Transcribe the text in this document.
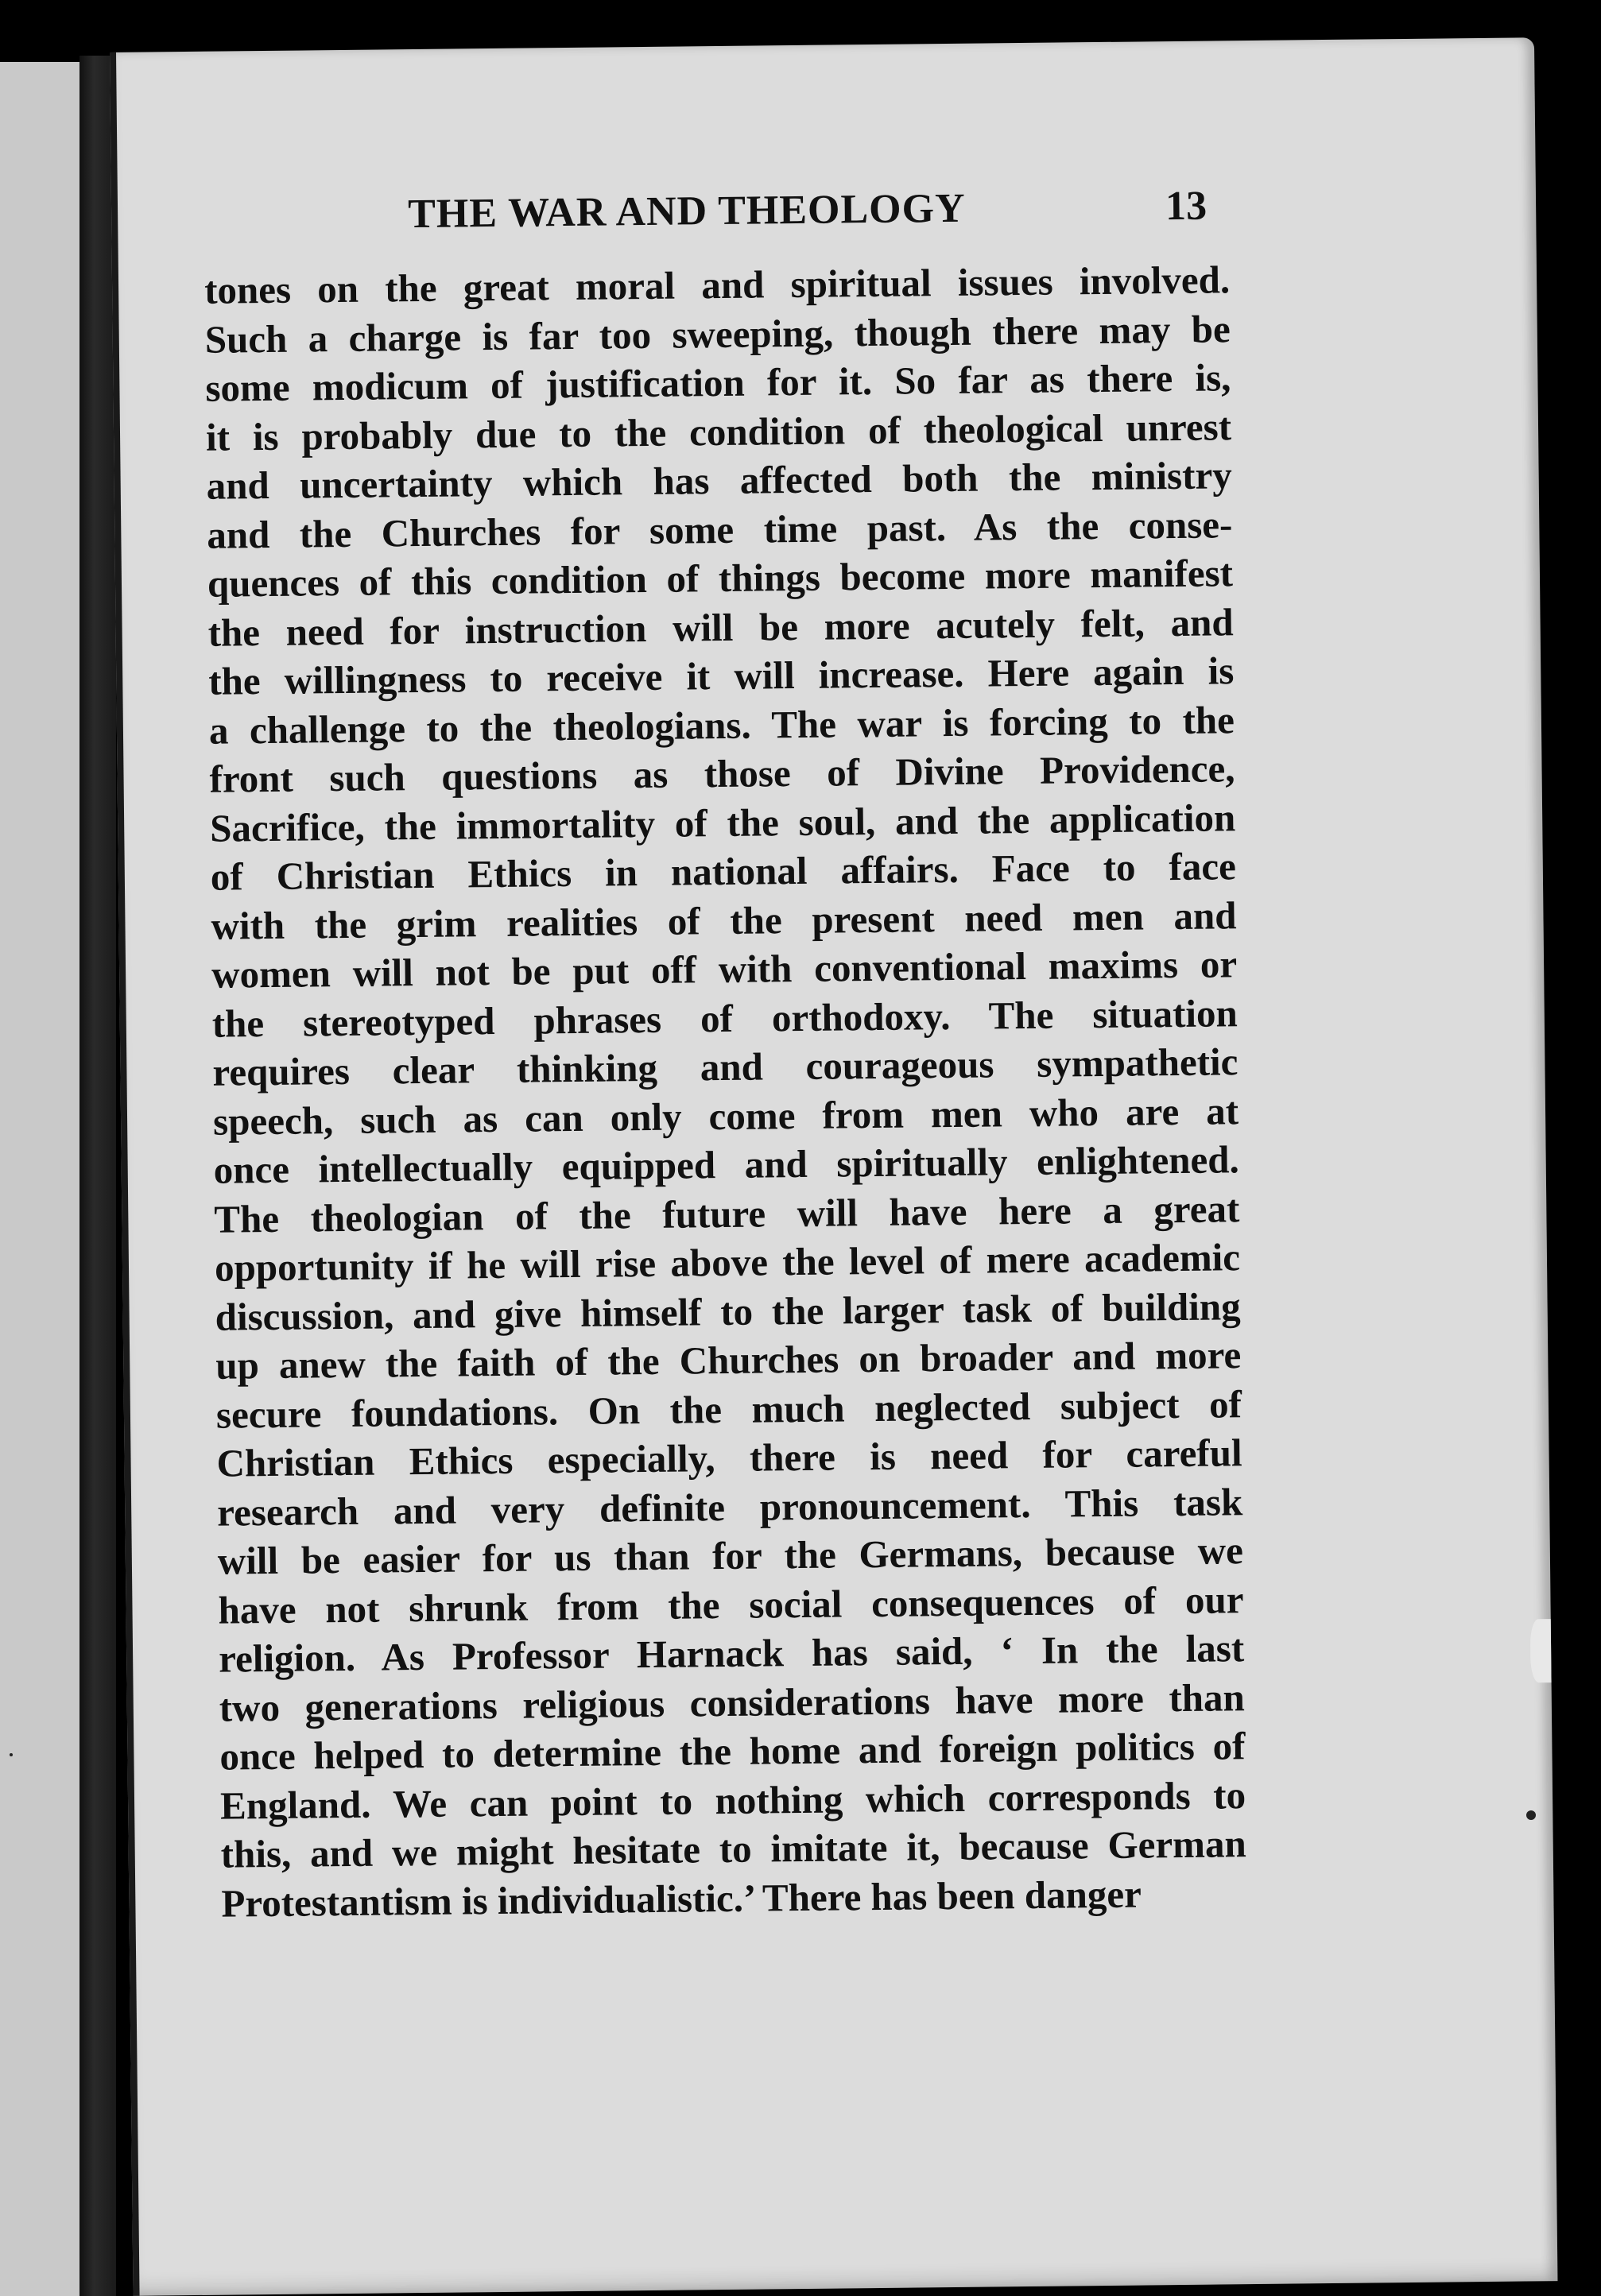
THE WAR AND THEOLOGY	13
tones on the great moral and spiritual issues involved.
Such a charge is far too sweeping, though there may be
some modicum of justification for it. So far as there is,
it is probably due to the condition of theological unrest
and uncertainty which has affected both the ministry
and the Churches for some time past. As the conse-
quences of this condition of things become more manifest
the need for instruction will be more acutely felt, and
the willingness to receive it will increase. Here again is
a challenge to the theologians. The war is forcing to the
front such questions as those of Divine Providence,
Sacrifice, the immortality of the soul, and the application
of Christian Ethics in national affairs. Face to face
with the grim realities of the present need men and
women will not be put off with conventional maxims or
the stereotyped phrases of orthodoxy. The situation
requires clear thinking and courageous sympathetic
speech, such as can only come from men who are at
once intellectually equipped and spiritually enlightened.
The theologian of the future will have here a great
opportunity if he will rise above the level of mere academic
discussion, and give himself to the larger task of building
up anew the faith of the Churches on broader and more
secure foundations. On the much neglected subject of
Christian Ethics especially, there is need for careful
research and very definite pronouncement. This task
will be easier for us than for the Germans, because we
have not shrunk from the social consequences of our
religion. As Professor Harnack has said, ‘ In the last
two generations religious considerations have more than
once helped to determine the home and foreign politics of
England. We can point to nothing which corresponds to
this, and we might hesitate to imitate it, because German
Protestantism is individualistic.’ There has been danger
